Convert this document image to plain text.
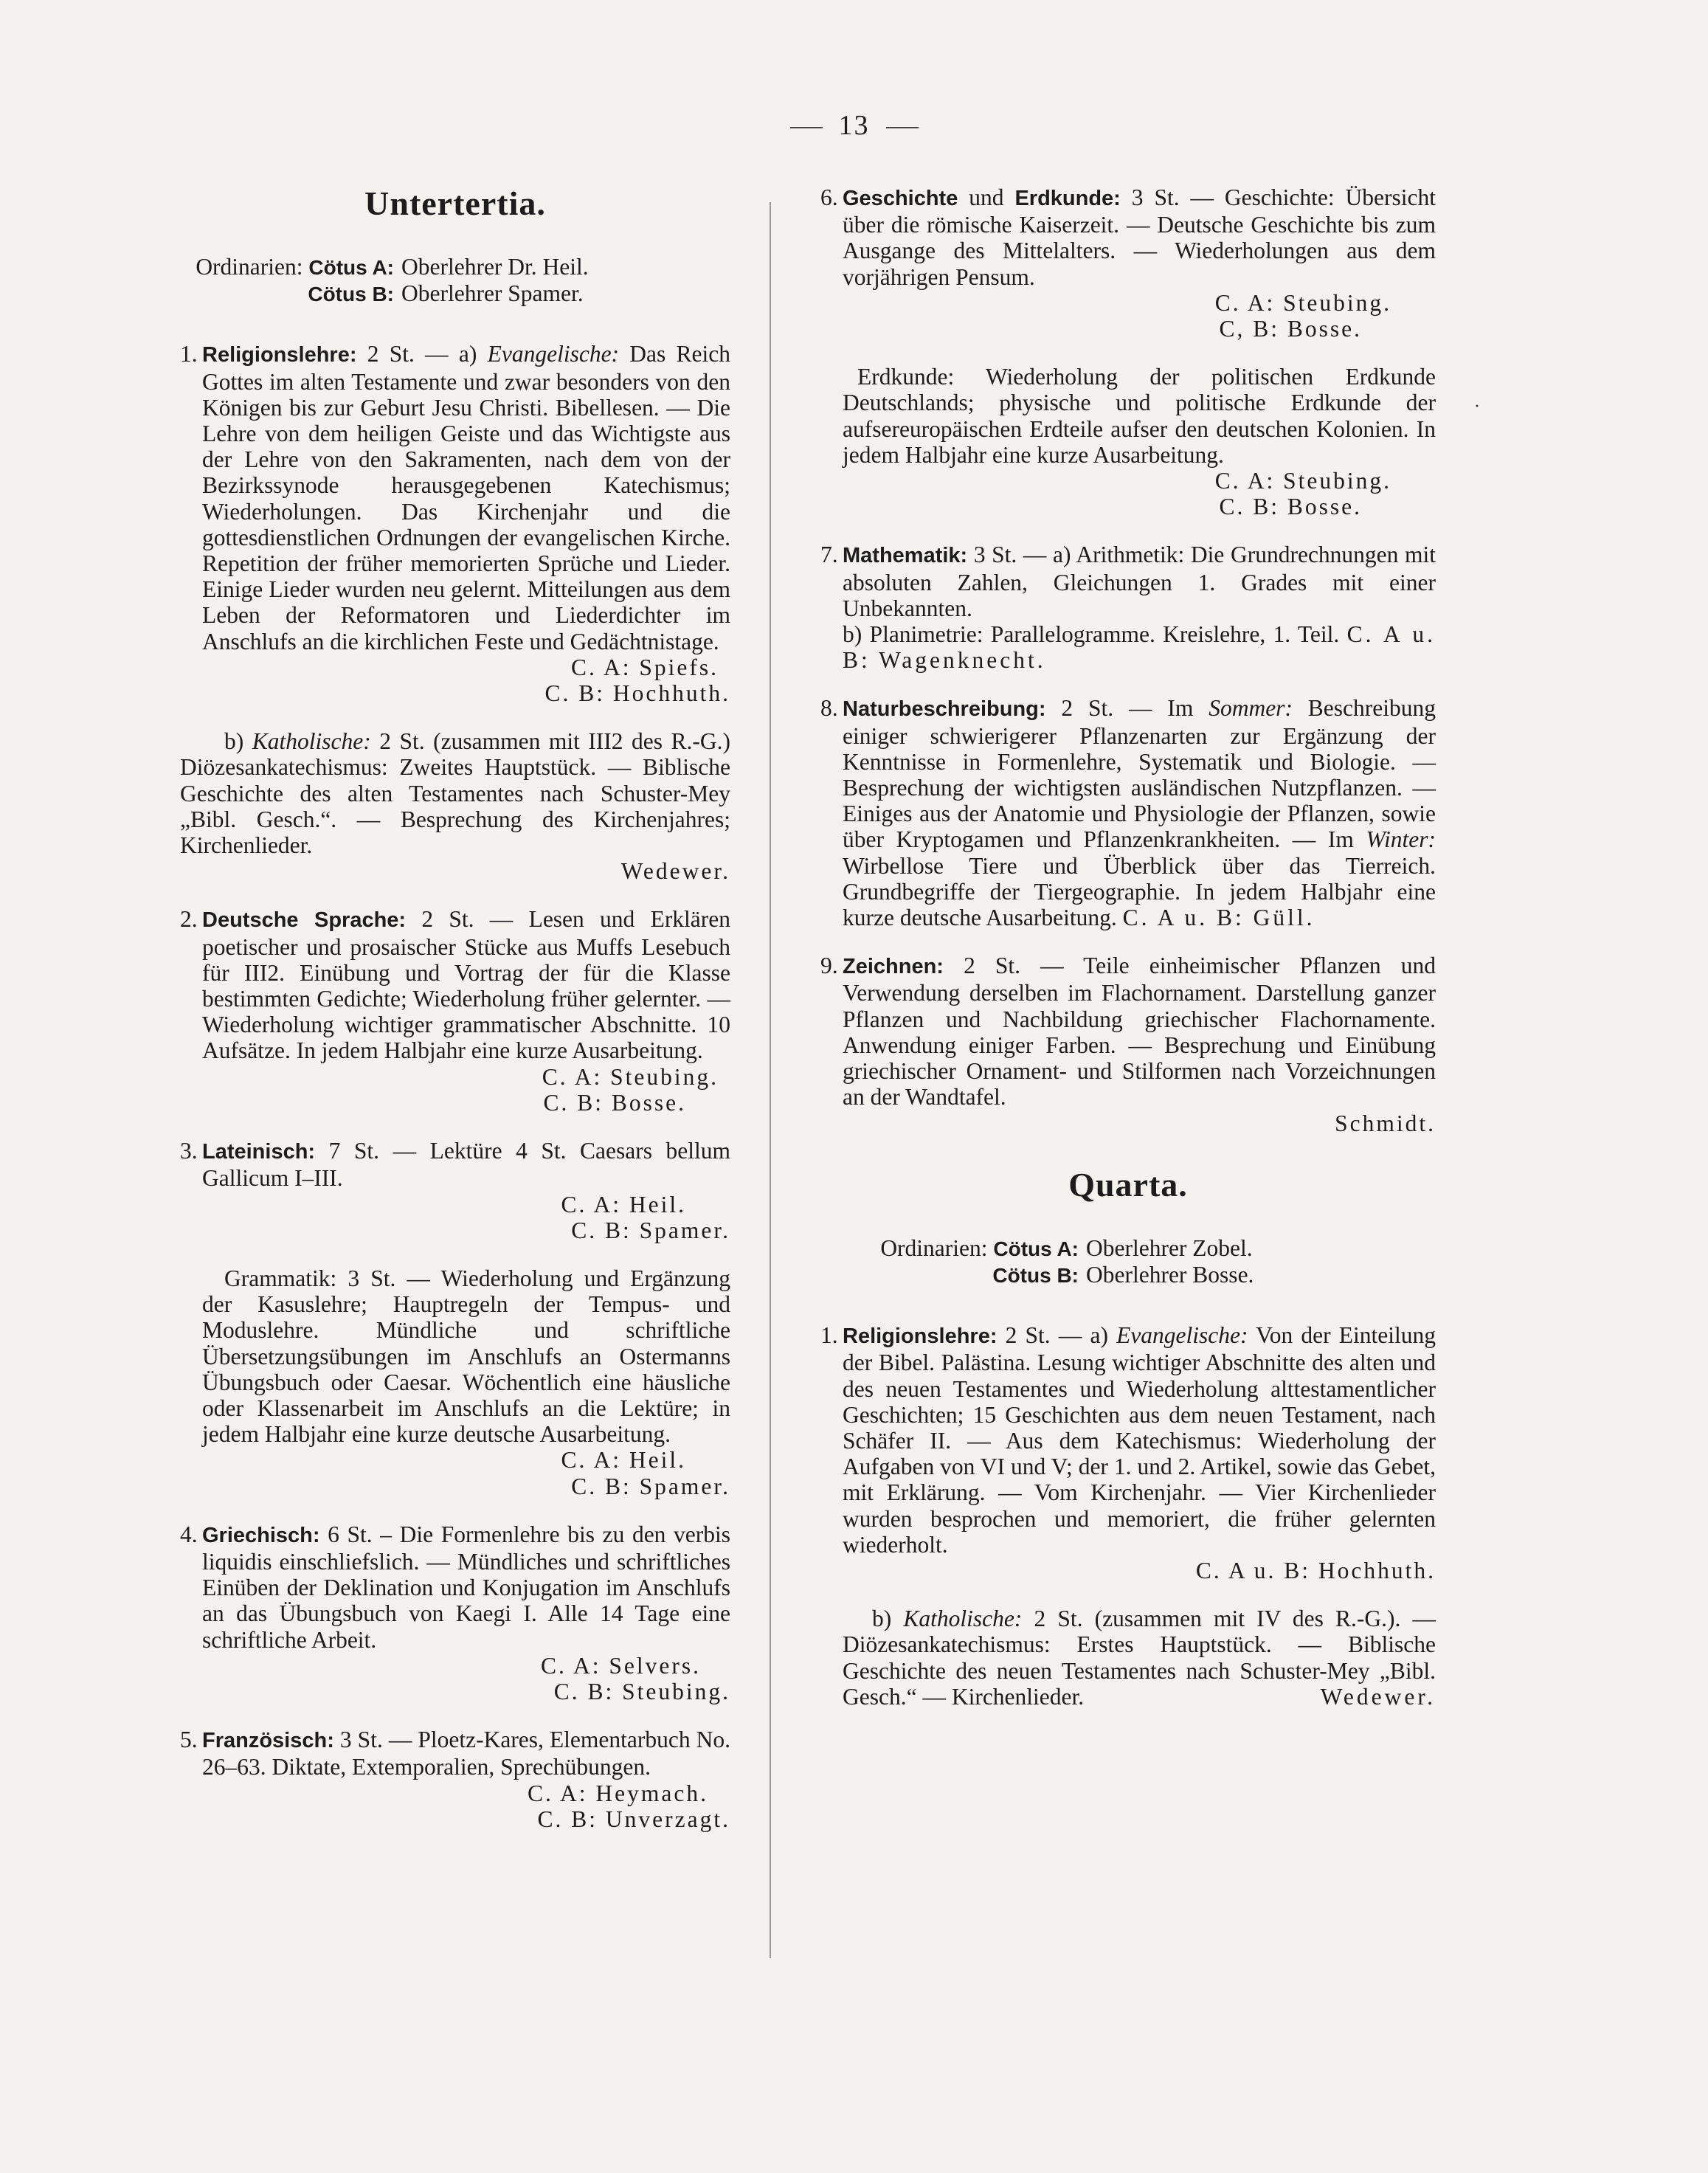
13
·
Untertertia.
Ordinarien: Cötus A: Oberlehrer Dr. Heil.
Cötus B: Oberlehrer Spamer.

1. Religionslehre: 2 St. — a) Evangelische: Das Reich Gottes im alten Testamente und zwar besonders von den Königen bis zur Geburt Jesu Christi. Bibellesen. — Die Lehre von dem heiligen Geiste und das Wichtigste aus der Lehre von den Sakramenten, nach dem von der Bezirkssynode herausgegebenen Katechismus; Wiederholungen. Das Kirchenjahr und die gottesdienstlichen Ordnungen der evangelischen Kirche. Repetition der früher memorierten Sprüche und Lieder. Einige Lieder wurden neu gelernt. Mitteilungen aus dem Leben der Reformatoren und Liederdichter im Anschlufs an die kirchlichen Feste und Gedächtnistage.

C. A: Spiefs.
C. B: Hochhuth.

b) Katholische: 2 St. (zusammen mit III2 des R.-G.) Diözesankatechismus: Zweites Hauptstück. — Biblische Geschichte des alten Testamentes nach Schuster-Mey „Bibl. Gesch.“. — Besprechung des Kirchenjahres; Kirchenlieder.

Wedewer.

2. Deutsche Sprache: 2 St. — Lesen und Erklären poetischer und prosaischer Stücke aus Muffs Lesebuch für III2. Einübung und Vortrag der für die Klasse bestimmten Gedichte; Wiederholung früher gelernter. — Wiederholung wichtiger grammatischer Abschnitte. 10 Aufsätze. In jedem Halbjahr eine kurze Ausarbeitung.

C. A: Steubing.
C. B: Bosse.

3. Lateinisch: 7 St. — Lektüre 4 St. Caesars bellum Gallicum I–III.

C. A: Heil.
C. B: Spamer.

Grammatik: 3 St. — Wiederholung und Ergänzung der Kasuslehre; Hauptregeln der Tempus- und Moduslehre. Mündliche und schriftliche Übersetzungsübungen im Anschlufs an Ostermanns Übungsbuch oder Caesar. Wöchentlich eine häusliche oder Klassenarbeit im Anschlufs an die Lektüre; in jedem Halbjahr eine kurze deutsche Ausarbeitung.

C. A: Heil.
C. B: Spamer.

4. Griechisch: 6 St. – Die Formenlehre bis zu den verbis liquidis einschliefslich. — Mündliches und schriftliches Einüben der Deklination und Konjugation im Anschlufs an das Übungsbuch von Kaegi I. Alle 14 Tage eine schriftliche Arbeit.

C. A: Selvers.
C. B: Steubing.

5. Französisch: 3 St. — Ploetz-Kares, Elementarbuch No. 26–63. Diktate, Extemporalien, Sprechübungen.

C. A: Heymach.
C. B: Unverzagt.

6. Geschichte und Erdkunde: 3 St. — Geschichte: Übersicht über die römische Kaiserzeit. — Deutsche Geschichte bis zum Ausgange des Mittelalters. — Wiederholungen aus dem vorjährigen Pensum.

C. A: Steubing.
C, B: Bosse.

Erdkunde: Wiederholung der politischen Erdkunde Deutschlands; physische und politische Erdkunde der aufsereuropäischen Erdteile aufser den deutschen Kolonien. In jedem Halbjahr eine kurze Ausarbeitung.

C. A: Steubing.
C. B: Bosse.

7. Mathematik: 3 St. — a) Arithmetik: Die Grundrechnungen mit absoluten Zahlen, Gleichungen 1. Grades mit einer Unbekannten.

b) Planimetrie: Parallelogramme. Kreislehre, 1. Teil. C. A u. B: Wagenknecht.

8. Naturbeschreibung: 2 St. — Im Sommer: Beschreibung einiger schwierigerer Pflanzenarten zur Ergänzung der Kenntnisse in Formenlehre, Systematik und Biologie. — Besprechung der wichtigsten ausländischen Nutzpflanzen. — Einiges aus der Anatomie und Physiologie der Pflanzen, sowie über Kryptogamen und Pflanzenkrankheiten. — Im Winter: Wirbellose Tiere und Überblick über das Tierreich. Grundbegriffe der Tiergeographie. In jedem Halbjahr eine kurze deutsche Ausarbeitung. C. A u. B: Güll.

9. Zeichnen: 2 St. — Teile einheimischer Pflanzen und Verwendung derselben im Flachornament. Darstellung ganzer Pflanzen und Nachbildung griechischer Flachornamente. Anwendung einiger Farben. — Besprechung und Einübung griechischer Ornament- und Stilformen nach Vorzeichnungen an der Wandtafel.

Schmidt.
Quarta.
Ordinarien: Cötus A: Oberlehrer Zobel.
Cötus B: Oberlehrer Bosse.

1. Religionslehre: 2 St. — a) Evangelische: Von der Einteilung der Bibel. Palästina. Lesung wichtiger Abschnitte des alten und des neuen Testamentes und Wiederholung alttestamentlicher Geschichten; 15 Geschichten aus dem neuen Testament, nach Schäfer II. — Aus dem Katechismus: Wiederholung der Aufgaben von VI und V; der 1. und 2. Artikel, sowie das Gebet, mit Erklärung. — Vom Kirchenjahr. — Vier Kirchenlieder wurden besprochen und memoriert, die früher gelernten wiederholt.

C. A u. B: Hochhuth.

b) Katholische: 2 St. (zusammen mit IV des R.-G.). — Diözesankatechismus: Erstes Hauptstück. — Biblische Geschichte des neuen Testamentes nach Schuster-Mey „Bibl. Gesch.“ — Kirchenlieder.	Wedewer.
